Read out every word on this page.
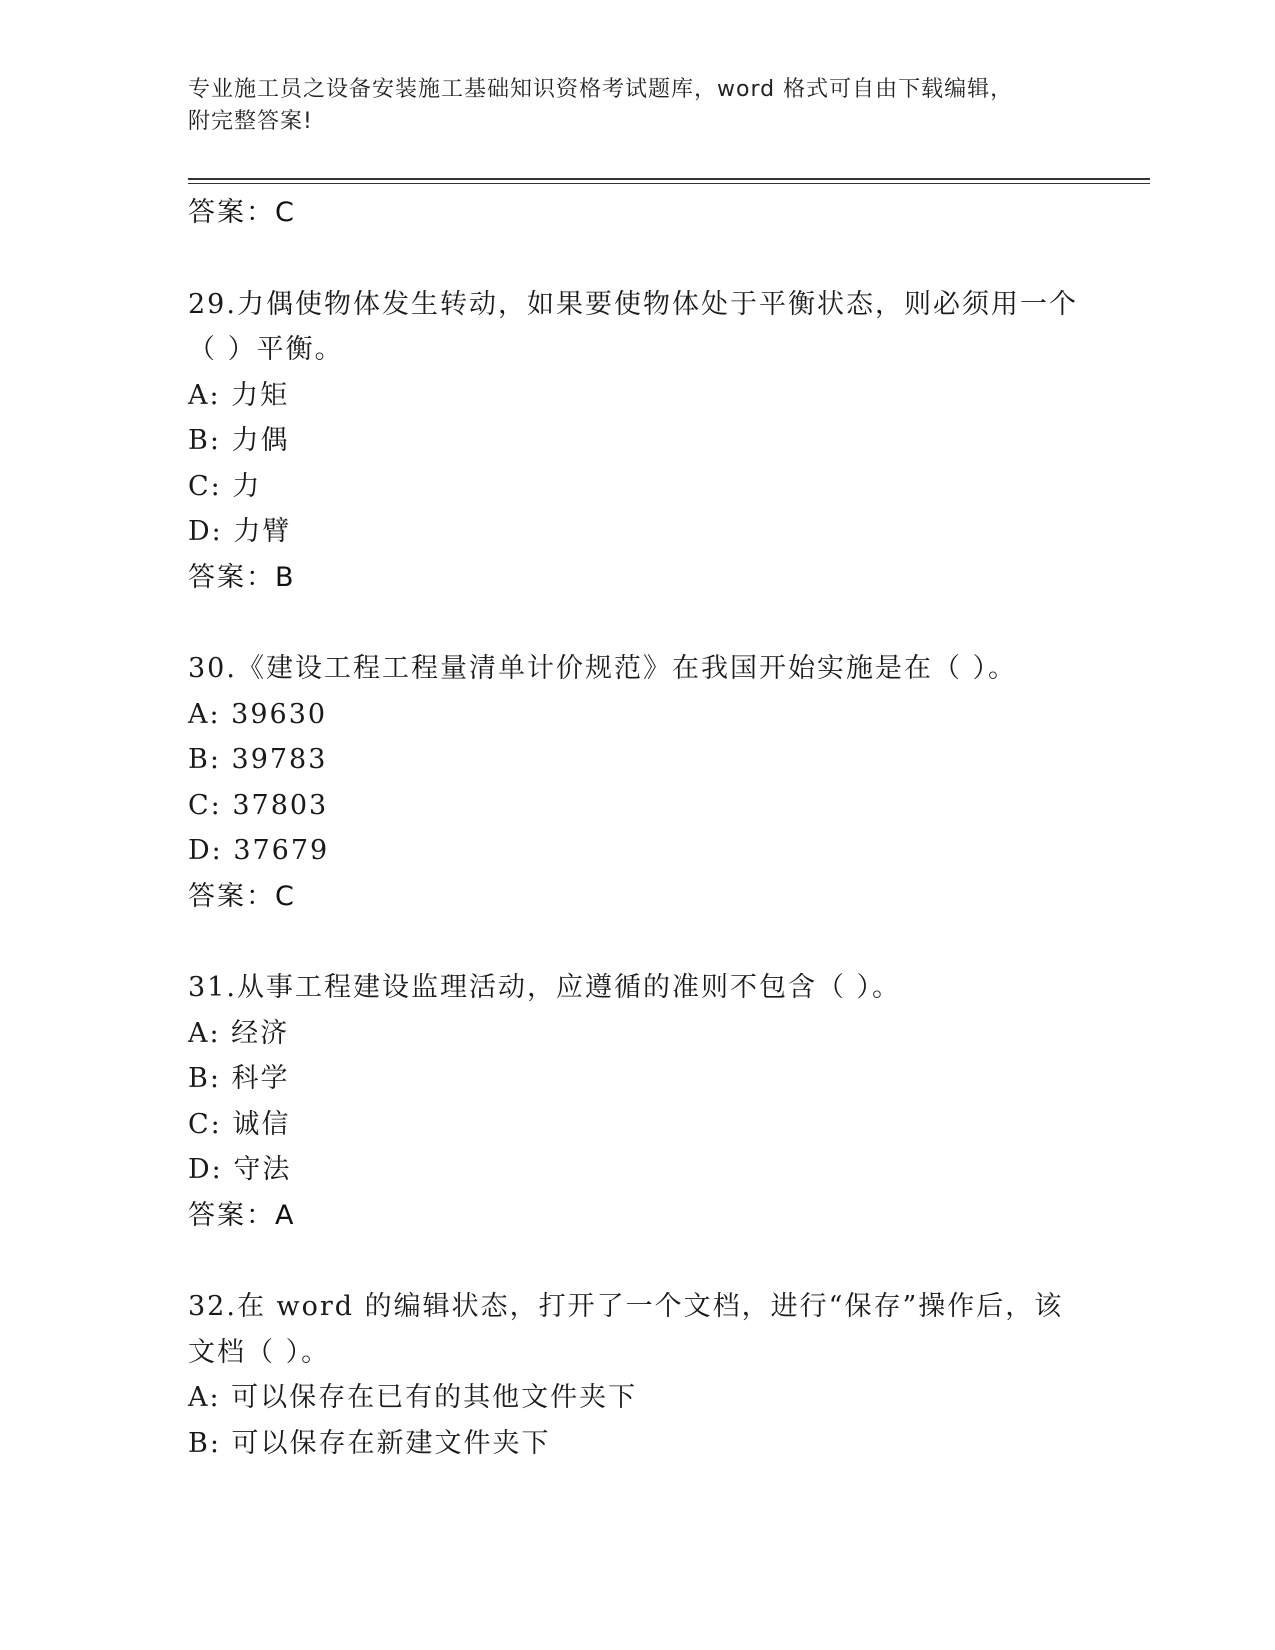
专业施工员之设备安装施工基础知识资格考试题库，word 格式可自由下载编辑，
附完整答案!
答案：C
29.力偶使物体发生转动，如果要使物体处于平衡状态，则必须用一个
（ ）平衡。
A: 力矩
B: 力偶
C: 力
D: 力臂
答案：B
30.《建设工程工程量清单计价规范》在我国开始实施是在（ ）。
A: 39630
B: 39783
C: 37803
D: 37679
答案：C
31.从事工程建设监理活动，应遵循的准则不包含（ ）。
A: 经济
B: 科学
C: 诚信
D: 守法
答案：A
32.在 word 的编辑状态，打开了一个文档，进行“保存”操作后，该
文档（ ）。
A: 可以保存在已有的其他文件夹下
B: 可以保存在新建文件夹下
